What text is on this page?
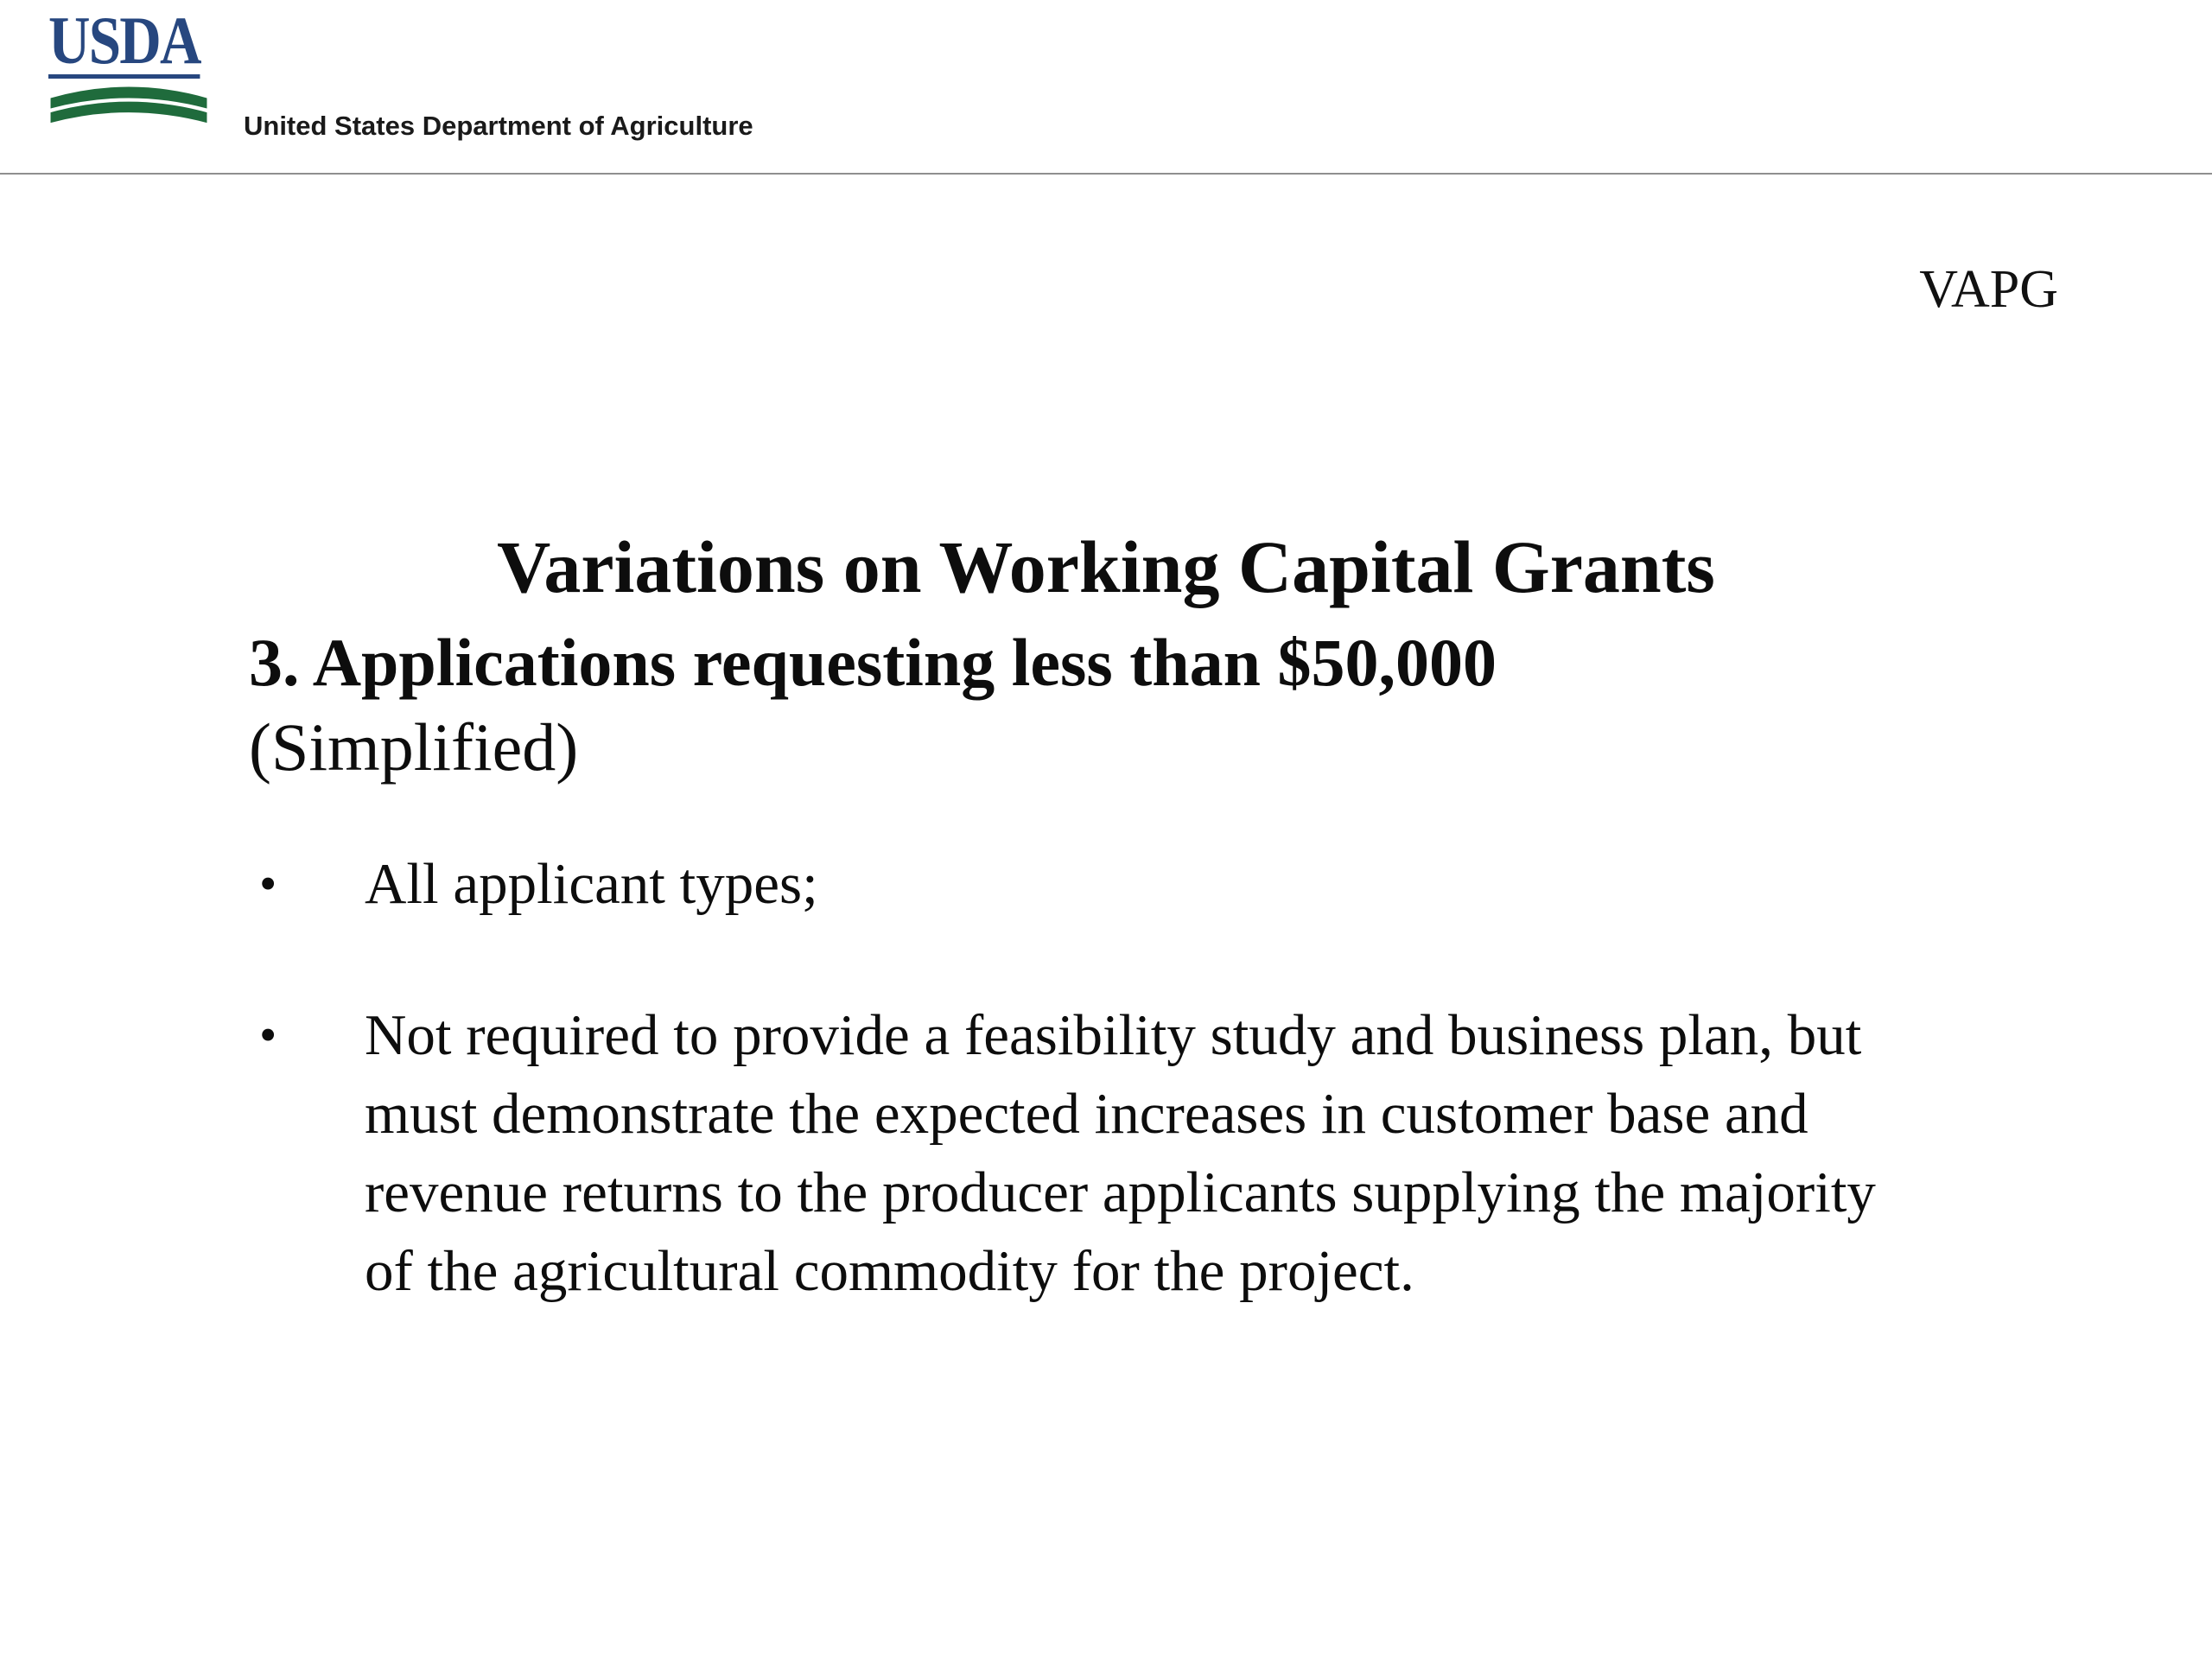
USDA
United States Department of Agriculture
VAPG
Variations on Working Capital Grants
3. Applications requesting less than $50,000
(Simplified)
•	All applicant types;
•	Not required to provide a feasibility study and business plan, but must demonstrate the expected increases in customer base and revenue returns to the producer applicants supplying the majority of the agricultural commodity for the project.
